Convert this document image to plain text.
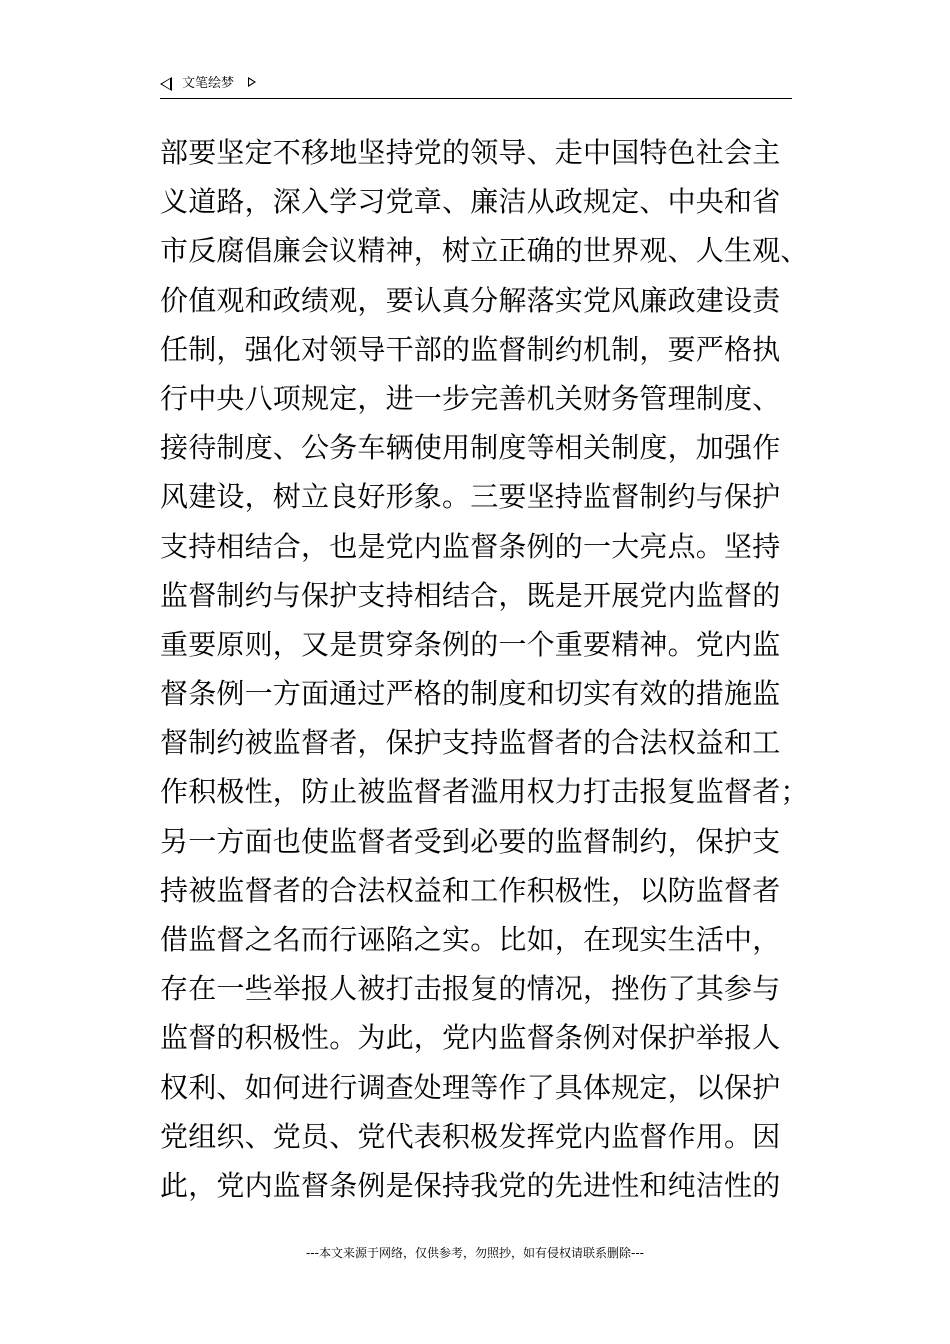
文笔绘梦
部要坚定不移地坚持党的领导、走中国特色社会主
义道路，深入学习党章、廉洁从政规定、中央和省
市反腐倡廉会议精神，树立正确的世界观、人生观、
价值观和政绩观，要认真分解落实党风廉政建设责
任制，强化对领导干部的监督制约机制，要严格执
行中央八项规定，进一步完善机关财务管理制度、
接待制度、公务车辆使用制度等相关制度，加强作
风建设，树立良好形象。三要坚持监督制约与保护
支持相结合，也是党内监督条例的一大亮点。坚持
监督制约与保护支持相结合，既是开展党内监督的
重要原则，又是贯穿条例的一个重要精神。党内监
督条例一方面通过严格的制度和切实有效的措施监
督制约被监督者，保护支持监督者的合法权益和工
作积极性，防止被监督者滥用权力打击报复监督者；
另一方面也使监督者受到必要的监督制约，保护支
持被监督者的合法权益和工作积极性，以防监督者
借监督之名而行诬陷之实。比如，在现实生活中，
存在一些举报人被打击报复的情况，挫伤了其参与
监督的积极性。为此，党内监督条例对保护举报人
权利、如何进行调查处理等作了具体规定，以保护
党组织、党员、党代表积极发挥党内监督作用。因
此，党内监督条例是保持我党的先进性和纯洁性的
---本文来源于网络，仅供参考，勿照抄，如有侵权请联系删除---
